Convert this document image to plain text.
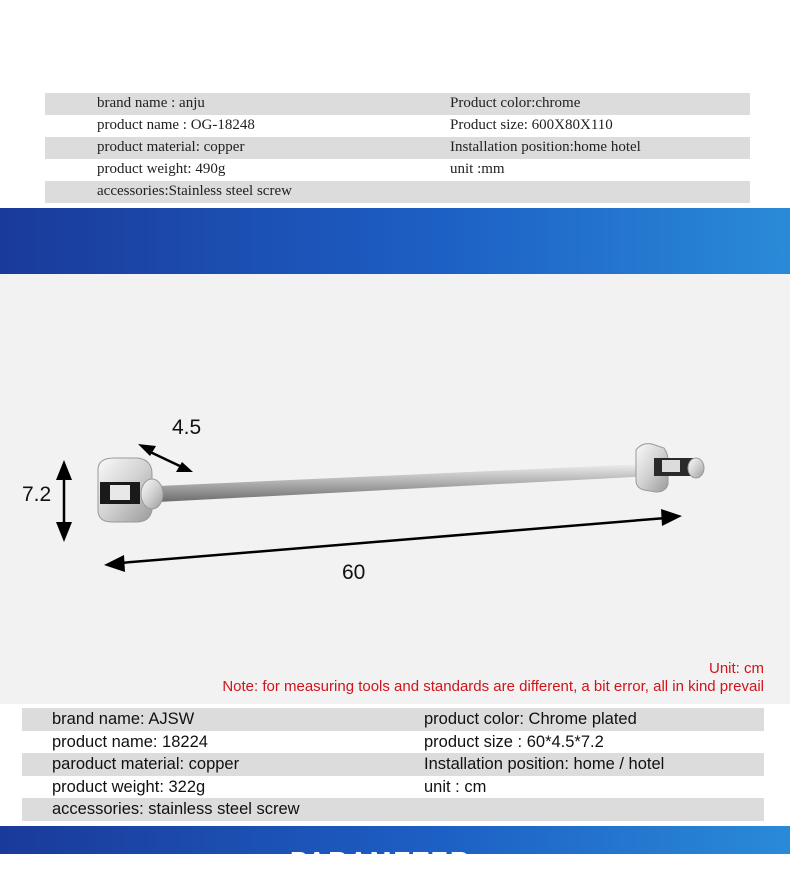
brand name : anju	Product color:chrome
product name : OG-18248	Product size: 600X80X110
product material: copper	Installation position:home hotel
product weight: 490g	unit :mm
accessories:Stainless steel screw
4.5
7.2
60
Unit: cm
Note: for measuring tools and standards are different, a bit error, all in kind prevail
brand name: AJSW	product color: Chrome plated
product name: 18224	product size : 60*4.5*7.2
paroduct material: copper	Installation position: home / hotel
product weight: 322g	unit : cm
accessories: stainless steel screw
PARAMETER
